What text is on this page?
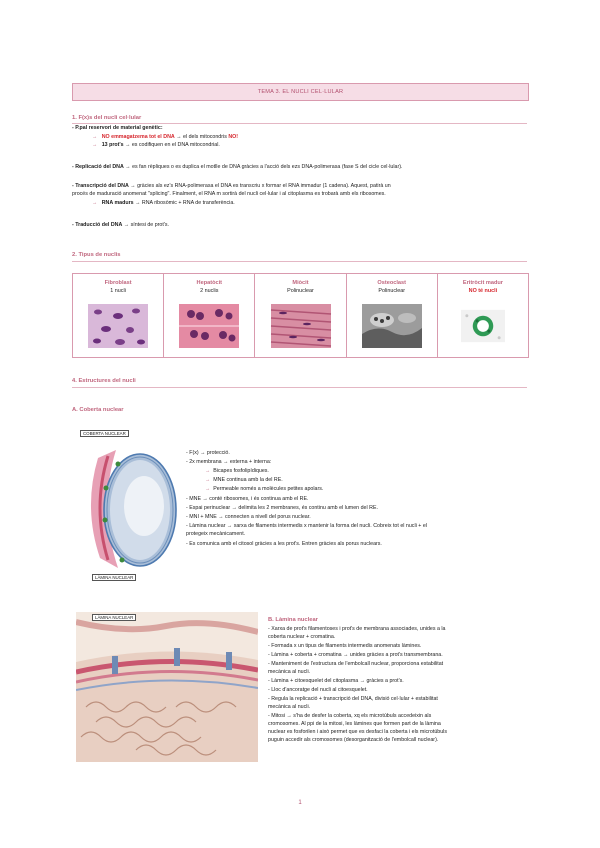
TEMA 3. EL NUCLI CEL·LULAR
1. F(x)s del nucli cel·lular
- P.pal reservori de material genètic:
→ NO emmagatzema tot el DNA → el dels mitocondris NO!
→ 13 prot's → es codifiquen en el DNA mitocondrial.
- Replicació del DNA → es fan rèpliques o es duplica el motlle de DNA gràcies a l'acció dels ezs DNA-polimerasa (fase S del cicle cel·lular).
- Transcripció del DNA → gràcies als ez's RNA-polimerasa el DNA es transcriu x formar el RNA immadur (1 cadena). Aquest, patirà un
procés de maduració anomenat "splicing". Finalment, el RNA m sortirà del nucli cel·lular i al citoplasma es trobarà amb els ribosomes.
→ RNA madurs → RNA ribosòmic + RNA de transferència.
- Traducció del DNA → síntesi de prot's.
2. Tipus de nuclis
Fibroblast
1 nucli
Hepatòcit
2 nuclis
Miòcit
Polinuclear
Osteoclast
Polinuclear
Eritròcit madur
NO té nucli
4. Estructures del nucli
A. Coberta nuclear
COBERTA NUCLEAR
LÀMINA NUCLEAR
- F(x) → protecció.
- 2x membrana → externa + interna:
→ Bicapes fosfolipídiques.
→ MNE continua amb la del RE.
→ Permeable només a molècules petites apolars.
- MNE → conté ribosomes, i és continua amb el RE.
- Espai perinuclear → delimita les 2 membranes, és continu amb el lumen del RE.
- MNI + MNE → connecten a nivell del porus nuclear.
- Làmina nuclear → xarxa de filaments intermedis x mantenir la forma del nucli. Cobreix tot el nucli + el
protegeix mecànicament.
- Es comunica amb el citosol gràcies a les prot's. Entren gràcies als porus nuclears.
LÀMINA NUCLEAR	B. Làmina nuclear
- Xarxa de prot's filamentoses i prot's de membrana associades, unides a la
coberta nuclear + cromatina.
- Formada x un tipus de filaments intermedis anomenats làmines.
- Làmina + coberta + cromatina → unides gràcies a prot's transmembrana.
- Manteniment de l'estructura de l'embolcall nuclear, proporciona estabilitat
mecànica al nucli.
- Làmina + citoesquelet del citoplasma → gràcies a prot's.
- Lloc d'ancoratge del nucli al citoesquelet.
- Regula la replicació + transcripció del DNA, divisió cel·lular + estabilitat
mecànica al nucli.
- Mitosi → s'ha de desfer la coberta, xq els microtúbuls accedeixin als
cromosomes. Al ppi de la mitosi, les làmines que formen part de la làmina
nuclear es fosforilen i això permet que es desfaci la coberta i els microtúbuls
puguin accedir als cromosomes (desorganització de l'embolcall nuclear).
1
